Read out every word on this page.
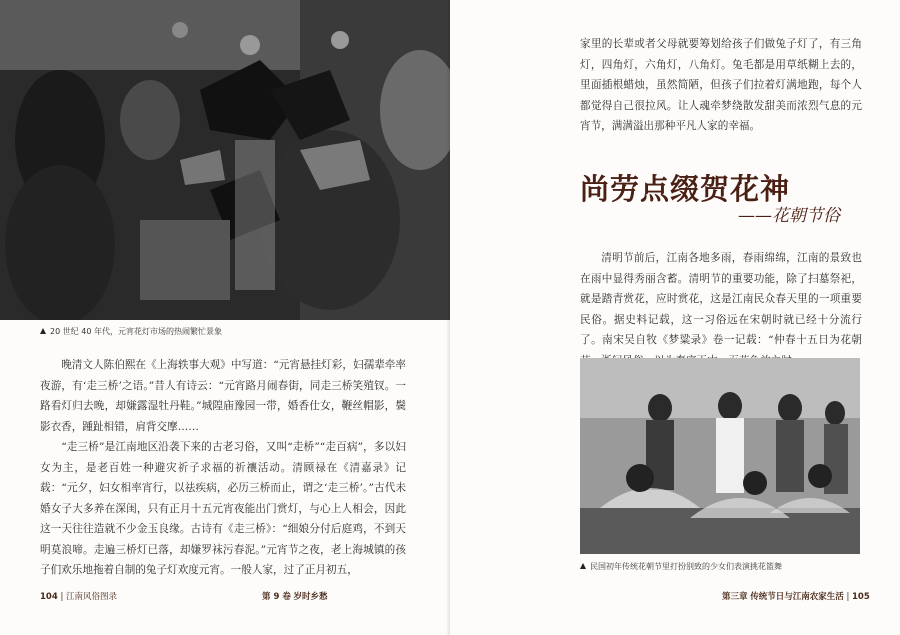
20 世纪 40 年代，元宵花灯市场的热闹繁忙景象

晚清文人陈伯熙在《上海轶事大观》中写道：“元宵悬挂灯彩，妇孺辈牵率夜游，有‘走三桥’之语。”昔人有诗云：“元宵路月闹春街，同走三桥笑殖钗。一路看灯归去晚，却嫌露湿牡丹鞋。”城隍庙豫园一带，婚香仕女，鞭丝帽影，鬓影衣香，踵趾相错，肩背交摩……

“走三桥”是江南地区沿袭下来的古老习俗，又叫“走桥”“走百病”，多以妇女为主，是老百姓一种避灾祈子求福的祈禳活动。清顾禄在《清嘉录》记载：“元夕，妇女相率宵行，以祛疾病，必历三桥而止，谓之‘走三桥’。”古代未婚女子大多养在深闺，只有正月十五元宵夜能出门赏灯，与心上人相会，因此这一天往往造就不少金玉良缘。古诗有《走三桥》：“细娘分付后庭鸡，不到天明莫浪啼。走遍三桥灯已落，却嫌罗袜污春泥。”元宵节之夜，老上海城镇的孩子们欢乐地拖着自制的兔子灯欢度元宵。一般人家，过了正月初五，

104 | 江南风俗图录	第 9 卷 岁时乡愁

家里的长辈或者父母就要筹划给孩子们做兔子灯了，有三角灯，四角灯，六角灯，八角灯。兔毛都是用草纸糊上去的，里面插根蜡烛，虽然简陋，但孩子们拉着灯满地跑，每个人都觉得自己很拉风。让人魂牵梦绕散发甜美而浓烈气息的元宵节，满满溢出那种平凡人家的幸福。

尚劳点缀贺花神
——花朝节俗

清明节前后，江南各地多雨，春雨绵绵，江南的景致也在雨中显得秀丽含蓄。清明节的重要功能，除了扫墓祭祀，就是踏青赏花，应时赏花，这是江南民众春天里的一项重要民俗。据史料记载，这一习俗远在宋朝时就已经十分流行了。南宋吴自牧《梦粱录》卷一记载：“仲春十五日为花朝

民国初年传统花朝节里打扮别致的少女们表演挑花篮舞
第三章 传统节日与江南农家生活 | 105
